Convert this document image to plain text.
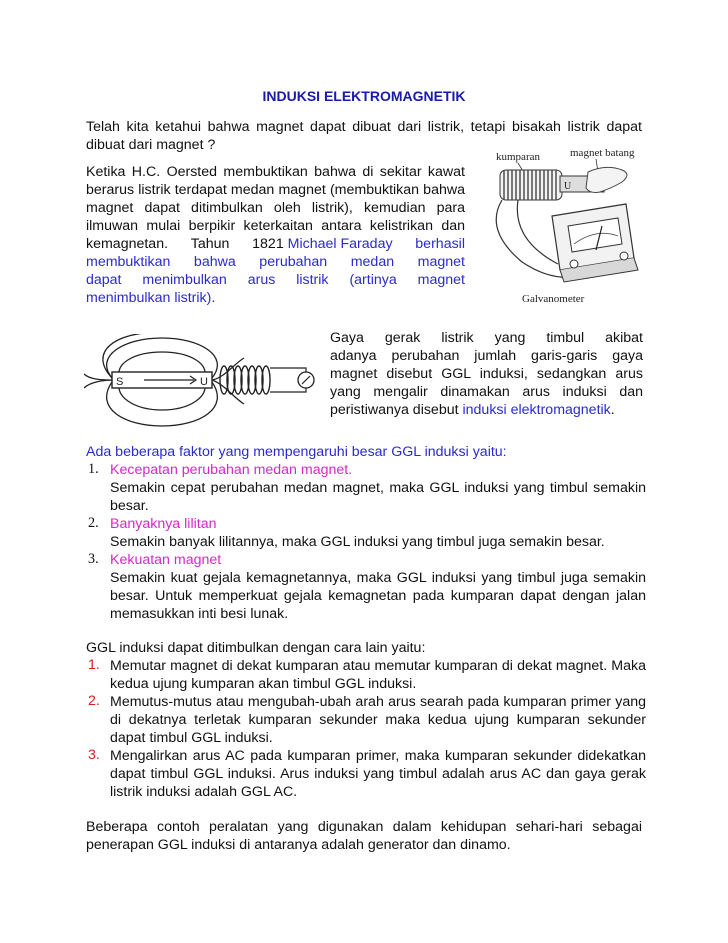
INDUKSI ELEKTROMAGNETIK
Telah kita ketahui bahwa magnet dapat dibuat dari listrik, tetapi bisakah listrik dapat dibuat dari magnet ?
Ketika H.C. Oersted membuktikan bahwa di sekitar kawat
berarus listrik terdapat medan magnet (membuktikan bahwa
magnet dapat ditimbulkan oleh listrik), kemudian para
ilmuwan mulai berpikir keterkaitan antara kelistrikan dan
kemagnetan. Tahun 1821 Michael Faraday berhasil
membuktikan bahwa perubahan medan magnet
dapat menimbulkan arus listrik (artinya magnet
menimbulkan listrik).
kumparan	magnet batang
U
Galvanometer
S	U
Gaya gerak listrik yang timbul akibat
adanya perubahan jumlah garis-garis gaya
magnet disebut GGL induksi, sedangkan arus
yang mengalir dinamakan arus induksi dan
peristiwanya disebut induksi elektromagnetik.
Ada beberapa faktor yang mempengaruhi besar GGL induksi yaitu:
1. Kecepatan perubahan medan magnet.
Semakin cepat perubahan medan magnet, maka GGL induksi yang timbul semakin besar.
2. Banyaknya lilitan
Semakin banyak lilitannya, maka GGL induksi yang timbul juga semakin besar.
3. Kekuatan magnet
Semakin kuat gejala kemagnetannya, maka GGL induksi yang timbul juga semakin besar. Untuk memperkuat gejala kemagnetan pada kumparan dapat dengan jalan memasukkan inti besi lunak.
GGL induksi dapat ditimbulkan dengan cara lain yaitu:
1. Memutar magnet di dekat kumparan atau memutar kumparan di dekat magnet. Maka kedua ujung kumparan akan timbul GGL induksi.
2. Memutus-mutus atau mengubah-ubah arah arus searah pada kumparan primer yang di dekatnya terletak kumparan sekunder maka kedua ujung kumparan sekunder dapat timbul GGL induksi.
3. Mengalirkan arus AC pada kumparan primer, maka kumparan sekunder didekatkan dapat timbul GGL induksi. Arus induksi yang timbul adalah arus AC dan gaya gerak listrik induksi adalah GGL AC.
Beberapa contoh peralatan yang digunakan dalam kehidupan sehari-hari sebagai penerapan GGL induksi di antaranya adalah generator dan dinamo.
